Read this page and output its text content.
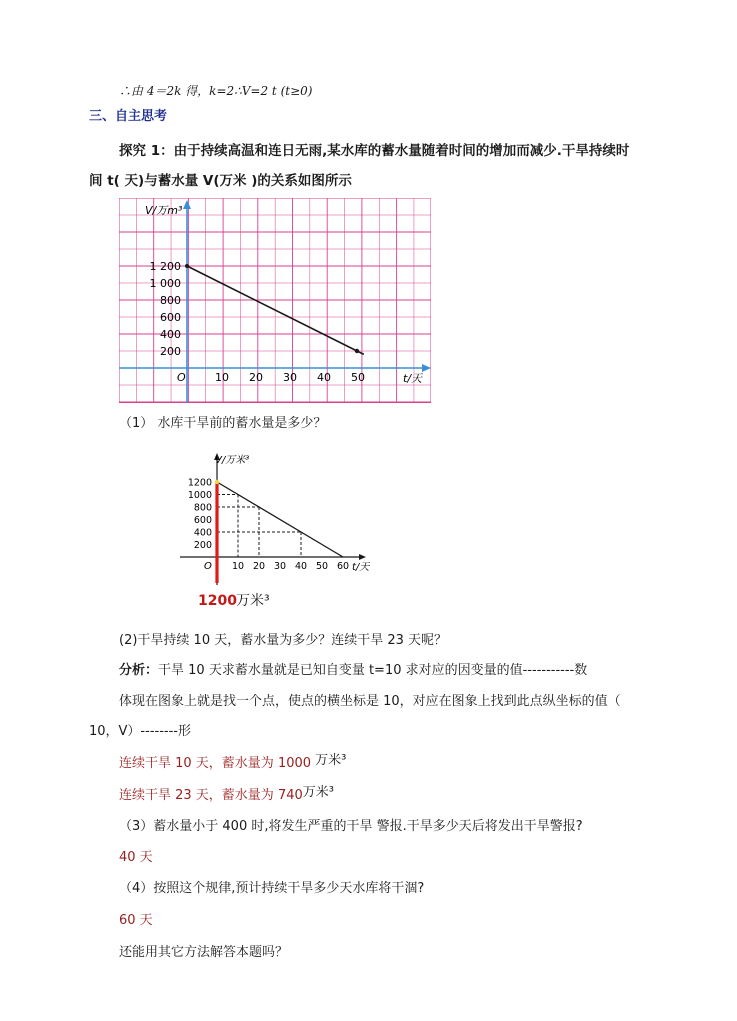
∴由 4＝2k 得，k=2∴V=2 t (t≥0)
三、自主思考
探究 1：由于持续高温和连日无雨,某水库的蓄水量随着时间的增加而减少.干旱持续时
间 t( 天)与蓄水量 V(万米 )的关系如图所示
V/万m³
t/天
O	10 20 30 40 50
200
400
600
800
1 000
1 200
（1） 水库干旱前的蓄水量是多少？
V/万米³
t/天
O 10 20 30 40 50 60
200
400
600
800
1000
1200
1200 万米³
(2)干旱持续 10 天，蓄水量为多少？连续干旱 23 天呢？
分析：干旱 10 天求蓄水量就是已知自变量 t=10 求对应的因变量的值-----------数
体现在图象上就是找一个点，使点的横坐标是 10，对应在图象上找到此点纵坐标的值（
10，V）--------形
连续干旱 10 天，蓄水量为 1000 万米³
连续干旱 23 天，蓄水量为 740万米³
（3）蓄水量小于 400 时,将发生严重的干旱 警报.干旱多少天后将发出干旱警报?
40 天
（4）按照这个规律,预计持续干旱多少天水库将干涸?
60 天
还能用其它方法解答本题吗？
